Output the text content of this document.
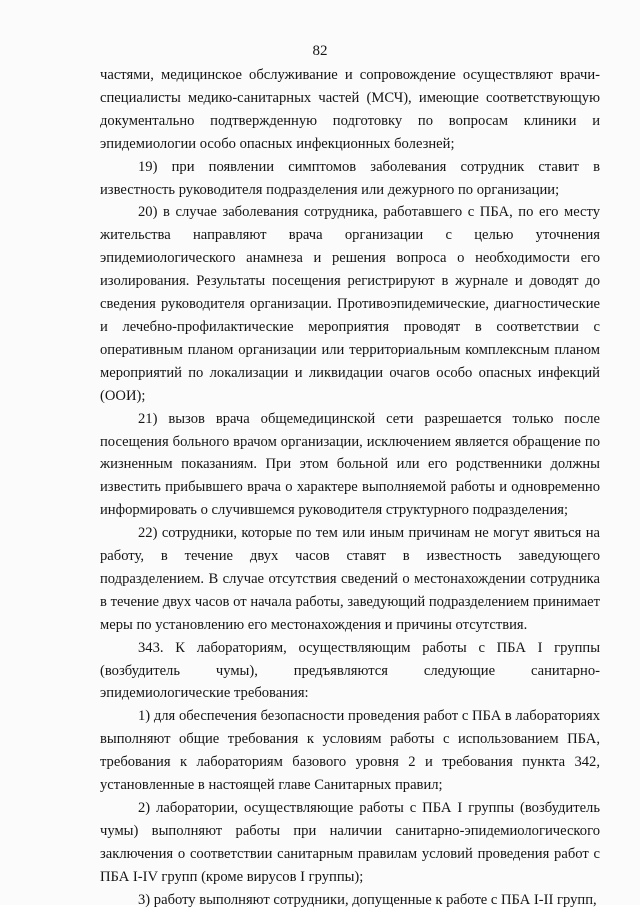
82

частями, медицинское обслуживание и сопровождение осуществляют врачи-специалисты медико-санитарных частей (МСЧ), имеющие соответствующую документально подтвержденную подготовку по вопросам клиники и эпидемиологии особо опасных инфекционных болезней;

19) при появлении симптомов заболевания сотрудник ставит в известность руководителя подразделения или дежурного по организации;

20) в случае заболевания сотрудника, работавшего с ПБА, по его месту жительства направляют врача организации с целью уточнения эпидемиологического анамнеза и решения вопроса о необходимости его изолирования. Результаты посещения регистрируют в журнале и доводят до сведения руководителя организации. Противоэпидемические, диагностические и лечебно-профилактические мероприятия проводят в соответствии с оперативным планом организации или территориальным комплексным планом мероприятий по локализации и ликвидации очагов особо опасных инфекций (ООИ);

21) вызов врача общемедицинской сети разрешается только после посещения больного врачом организации, исключением является обращение по жизненным показаниям. При этом больной или его родственники должны известить прибывшего врача о характере выполняемой работы и одновременно информировать о случившемся руководителя структурного подразделения;

22) сотрудники, которые по тем или иным причинам не могут явиться на работу, в течение двух часов ставят в известность заведующего подразделением. В случае отсутствия сведений о местонахождении сотрудника в течение двух часов от начала работы, заведующий подразделением принимает меры по установлению его местонахождения и причины отсутствия.

343. К лабораториям, осуществляющим работы с ПБА I группы (возбудитель чумы), предъявляются следующие санитарно-эпидемиологические требования:

1) для обеспечения безопасности проведения работ с ПБА в лабораториях выполняют общие требования к условиям работы с использованием ПБА, требования к лабораториям базового уровня 2 и требования пункта 342, установленные в настоящей главе Санитарных правил;

2) лаборатории, осуществляющие работы с ПБА I группы (возбудитель чумы) выполняют работы при наличии санитарно-эпидемиологического заключения о соответствии санитарным правилам условий проведения работ с ПБА I-IV групп (кроме вирусов I группы);

3) работу выполняют сотрудники, допущенные к работе с ПБА I-II групп,
